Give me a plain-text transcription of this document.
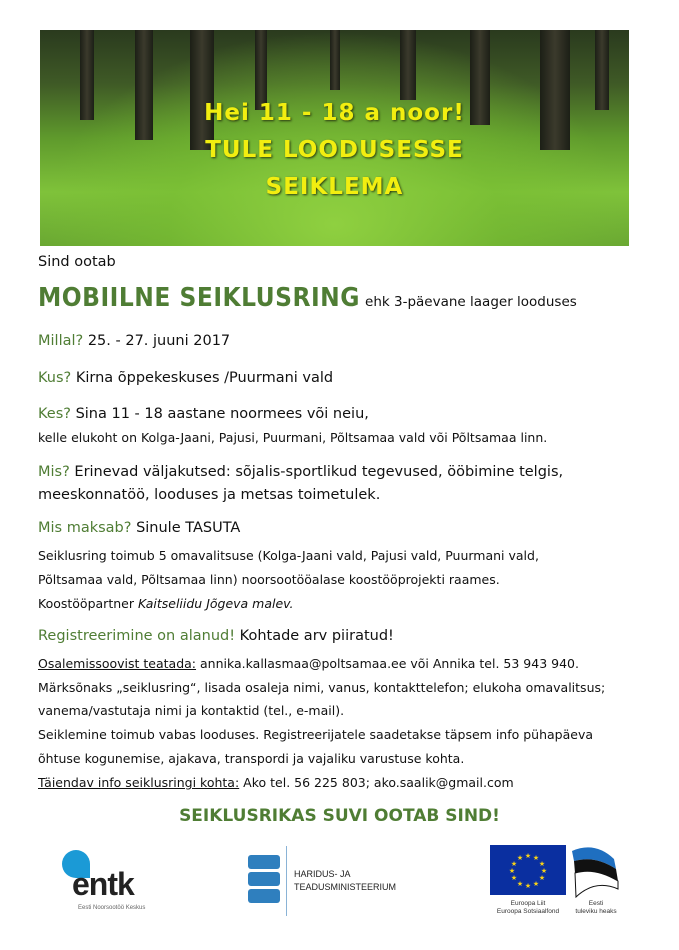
Hei 11 - 18 a noor!
TULE LOODUSESSE
SEIKLEMA
Sind ootab
MOBIILNE SEIKLUSRING ehk 3-päevane laager looduses
Millal? 25. - 27. juuni 2017
Kus? Kirna õppekeskuses /Puurmani vald
Kes? Sina 11 - 18 aastane noormees või neiu,
kelle elukoht on Kolga-Jaani, Pajusi, Puurmani, Põltsamaa vald või Põltsamaa linn.
Mis? Erinevad väljakutsed: sõjalis-sportlikud tegevused, ööbimine telgis,
meeskonnatöö, looduses ja metsas toimetulek.
Mis maksab? Sinule TASUTA
Seiklusring toimub 5 omavalitsuse (Kolga-Jaani vald, Pajusi vald, Puurmani vald,
Põltsamaa vald, Põltsamaa linn) noorsootööalase koostööprojekti raames.
Koostööpartner Kaitseliidu Jõgeva malev.
Registreerimine on alanud! Kohtade arv piiratud!
Osalemissoovist teatada: annika.kallasmaa@poltsamaa.ee või Annika tel. 53 943 940.
Märksõnaks „seiklusring“, lisada osaleja nimi, vanus, kontakttelefon; elukoha omavalitsus;
vanema/vastutaja nimi ja kontaktid (tel., e-mail).
Seiklemine toimub vabas looduses. Registreerijatele saadetakse täpsem info pühapäeva
õhtuse kogunemise, ajakava, transpordi ja vajaliku varustuse kohta.
Täiendav info seiklusringi kohta: Ako tel. 56 225 803; ako.saalik@gmail.com
SEIKLUSRIKAS SUVI OOTAB SIND!
entk
Eesti Noorsootöö Keskus
HARIDUS- JA
TEADUSMINISTEERIUM
★ ★
★
★
★
★
★
★
★
★
★
★
Euroopa Liit
Euroopa Sotsiaalfond
Eesti
tuleviku heaks
